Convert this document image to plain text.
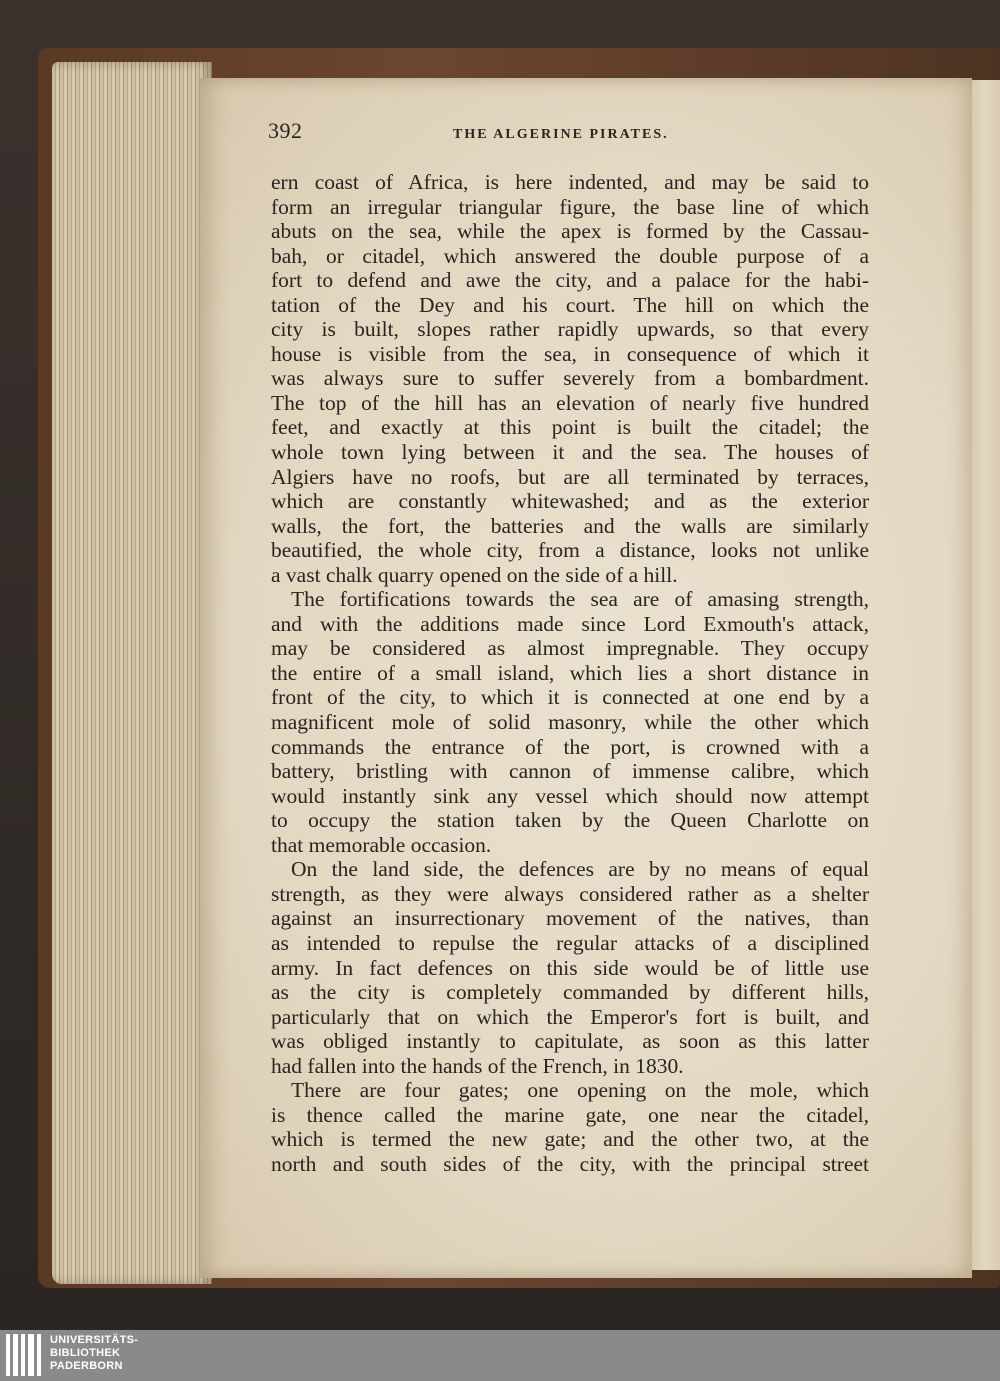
392	THE ALGERINE PIRATES.
ern coast of Africa, is here indented, and may be said to
form an irregular triangular figure, the base line of which
abuts on the sea, while the apex is formed by the Cassau-
bah, or citadel, which answered the double purpose of a
fort to defend and awe the city, and a palace for the habi-
tation of the Dey and his court. The hill on which the
city is built, slopes rather rapidly upwards, so that every
house is visible from the sea, in consequence of which it
was always sure to suffer severely from a bombardment.
The top of the hill has an elevation of nearly five hundred
feet, and exactly at this point is built the citadel; the
whole town lying between it and the sea. The houses of
Algiers have no roofs, but are all terminated by terraces,
which are constantly whitewashed; and as the exterior
walls, the fort, the batteries and the walls are similarly
beautified, the whole city, from a distance, looks not unlike
a vast chalk quarry opened on the side of a hill.
The fortifications towards the sea are of amasing strength,
and with the additions made since Lord Exmouth's attack,
may be considered as almost impregnable. They occupy
the entire of a small island, which lies a short distance in
front of the city, to which it is connected at one end by a
magnificent mole of solid masonry, while the other which
commands the entrance of the port, is crowned with a
battery, bristling with cannon of immense calibre, which
would instantly sink any vessel which should now attempt
to occupy the station taken by the Queen Charlotte on
that memorable occasion.
On the land side, the defences are by no means of equal
strength, as they were always considered rather as a shelter
against an insurrectionary movement of the natives, than
as intended to repulse the regular attacks of a disciplined
army. In fact defences on this side would be of little use
as the city is completely commanded by different hills,
particularly that on which the Emperor's fort is built, and
was obliged instantly to capitulate, as soon as this latter
had fallen into the hands of the French, in 1830.
There are four gates; one opening on the mole, which
is thence called the marine gate, one near the citadel,
which is termed the new gate; and the other two, at the
north and south sides of the city, with the principal street
UNIVERSITÄTS-
BIBLIOTHEK
PADERBORN
